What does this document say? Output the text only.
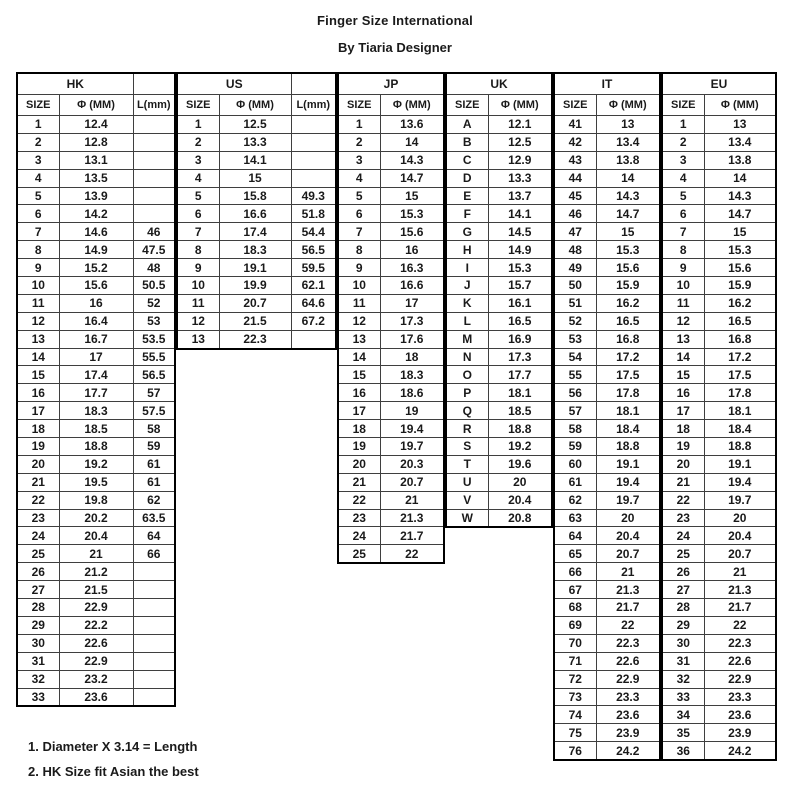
Finger Size International
By Tiaria Designer
HK		
SIZE	Φ (MM)	L(mm)
1	12.4	
2	12.8	
3	13.1	
4	13.5	
5	13.9	
6	14.2	
7	14.6	46
8	14.9	47.5
9	15.2	48
10	15.6	50.5
11	16	52
12	16.4	53
13	16.7	53.5
14	17	55.5
15	17.4	56.5
16	17.7	57
17	18.3	57.5
18	18.5	58
19	18.8	59
20	19.2	61
21	19.5	61
22	19.8	62
23	20.2	63.5
24	20.4	64
25	21	66
26	21.2	
27	21.5	
28	22.9	
29	22.2	
30	22.6	
31	22.9	
32	23.2	
33	23.6	
US		
SIZE	Φ (MM)	L(mm)
1	12.5	
2	13.3	
3	14.1	
4	15	
5	15.8	49.3
6	16.6	51.8
7	17.4	54.4
8	18.3	56.5
9	19.1	59.5
10	19.9	62.1
11	20.7	64.6
12	21.5	67.2
13	22.3	
JP	
SIZE	Φ (MM)
1	13.6
2	14
3	14.3
4	14.7
5	15
6	15.3
7	15.6
8	16
9	16.3
10	16.6
11	17
12	17.3
13	17.6
14	18
15	18.3
16	18.6
17	19
18	19.4
19	19.7
20	20.3
21	20.7
22	21
23	21.3
24	21.7
25	22
UK	
SIZE	Φ (MM)
A	12.1
B	12.5
C	12.9
D	13.3
E	13.7
F	14.1
G	14.5
H	14.9
I	15.3
J	15.7
K	16.1
L	16.5
M	16.9
N	17.3
O	17.7
P	18.1
Q	18.5
R	18.8
S	19.2
T	19.6
U	20
V	20.4
W	20.8
IT	
SIZE	Φ (MM)
41	13
42	13.4
43	13.8
44	14
45	14.3
46	14.7
47	15
48	15.3
49	15.6
50	15.9
51	16.2
52	16.5
53	16.8
54	17.2
55	17.5
56	17.8
57	18.1
58	18.4
59	18.8
60	19.1
61	19.4
62	19.7
63	20
64	20.4
65	20.7
66	21
67	21.3
68	21.7
69	22
70	22.3
71	22.6
72	22.9
73	23.3
74	23.6
75	23.9
76	24.2
EU	
SIZE	Φ (MM)
1	13
2	13.4
3	13.8
4	14
5	14.3
6	14.7
7	15
8	15.3
9	15.6
10	15.9
11	16.2
12	16.5
13	16.8
14	17.2
15	17.5
16	17.8
17	18.1
18	18.4
19	18.8
20	19.1
21	19.4
22	19.7
23	20
24	20.4
25	20.7
26	21
27	21.3
28	21.7
29	22
30	22.3
31	22.6
32	22.9
33	23.3
34	23.6
35	23.9
36	24.2
1. Diameter X 3.14 = Length
2. HK Size fit Asian the best
